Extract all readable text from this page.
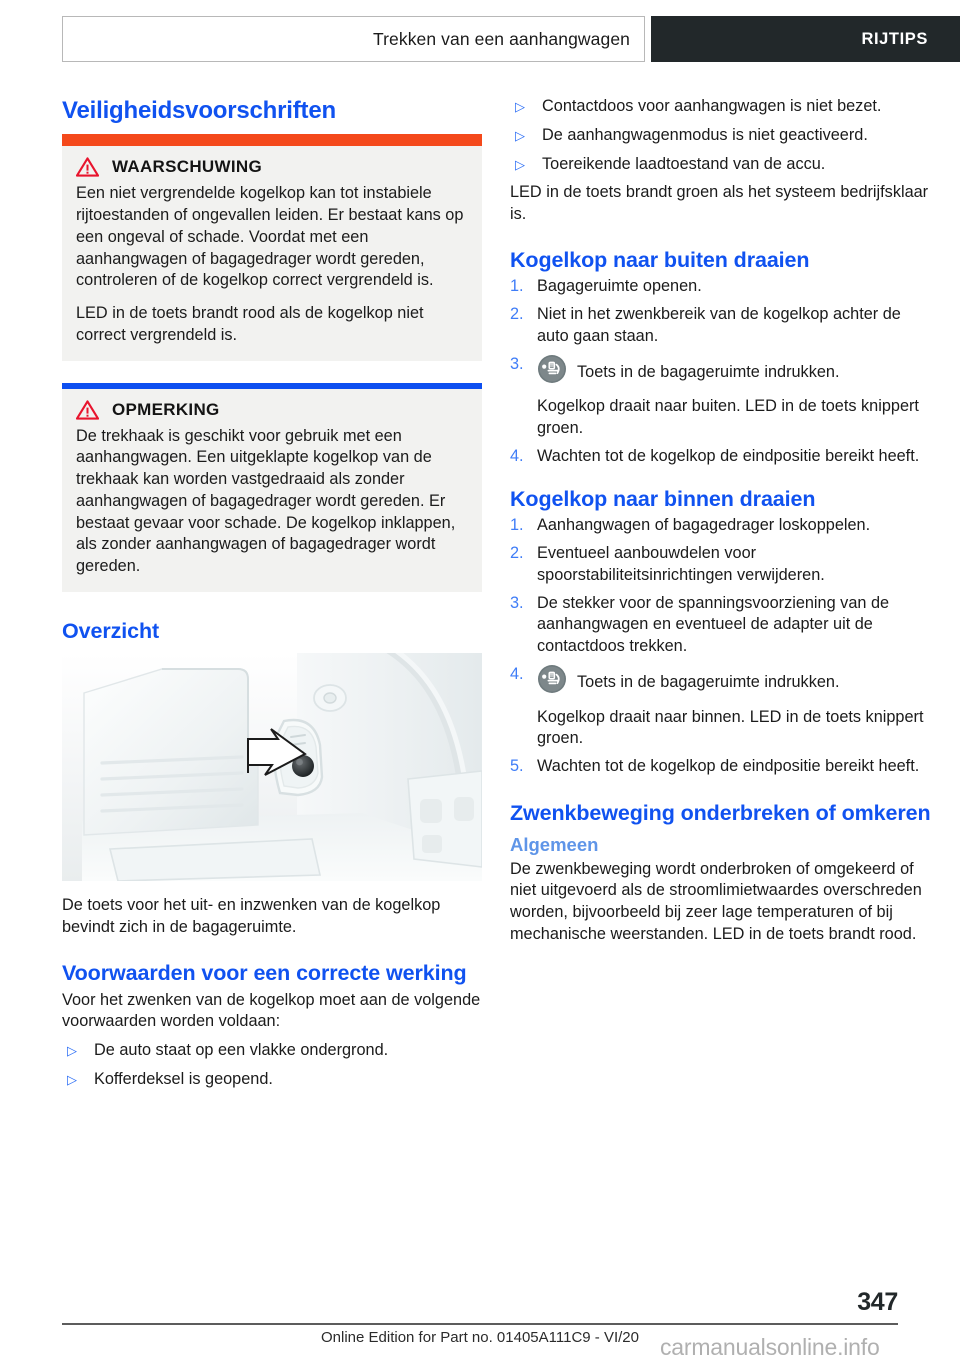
Trekken van een aanhangwagen	RIJTIPS
Veiligheidsvoorschriften
WAARSCHUWING

Een niet vergrendelde kogelkop kan tot instabiele rijtoestanden of ongevallen leiden. Er bestaat kans op een ongeval of schade. Voordat met een aanhangwagen of bagagedrager wordt gereden, controleren of de kogelkop correct vergrendeld is.

LED in de toets brandt rood als de kogelkop niet correct vergrendeld is.

OPMERKING

De trekhaak is geschikt voor gebruik met een aanhangwagen. Een uitgeklapte kogelkop van de trekhaak kan worden vastgedraaid als zonder aanhangwagen of bagagedrager wordt gereden. Er bestaat gevaar voor schade. De kogelkop inklappen, als zonder aanhangwagen of bagagedrager wordt gereden.

Overzicht

De toets voor het uit- en inzwenken van de kogelkop bevindt zich in de bagageruimte.

Voorwaarden voor een correcte werking

Voor het zwenken van de kogelkop moet aan de volgende voorwaarden worden voldaan:

▷	De auto staat op een vlakke ondergrond.
▷	Kofferdeksel is geopend.
▷	Contactdoos voor aanhangwagen is niet bezet.
▷	De aanhangwagenmodus is niet geactiveerd.
▷	Toereikende laadtoestand van de accu.

LED in de toets brandt groen als het systeem bedrijfsklaar is.

Kogelkop naar buiten draaien
1. Bagageruimte openen.
2. Niet in het zwenkbereik van de kogelkop achter de auto gaan staan.
3.	Toets in de bagageruimte indrukken.

Kogelkop draait naar buiten. LED in de toets knippert groen.

4. Wachten tot de kogelkop de eindpositie bereikt heeft.
Kogelkop naar binnen draaien
1. Aanhangwagen of bagagedrager loskoppelen.
2. Eventueel aanbouwdelen voor spoorstabiliteitsinrichtingen verwijderen.
3. De stekker voor de spanningsvoorziening van de aanhangwagen en eventueel de adapter uit de contactdoos trekken.
4.	Toets in de bagageruimte indrukken.

Kogelkop draait naar binnen. LED in de toets knippert groen.

5. Wachten tot de kogelkop de eindpositie bereikt heeft.
Zwenkbeweging onderbreken of omkeren
Algemeen

De zwenkbeweging wordt onderbroken of omgekeerd of niet uitgevoerd als de stroomlimietwaardes overschreden worden, bijvoorbeeld bij zeer lage temperaturen of bij mechanische weerstanden. LED in de toets brandt rood.

347
Online Edition for Part no. 01405A111C9 - VI/20 carmanualsonline.info
